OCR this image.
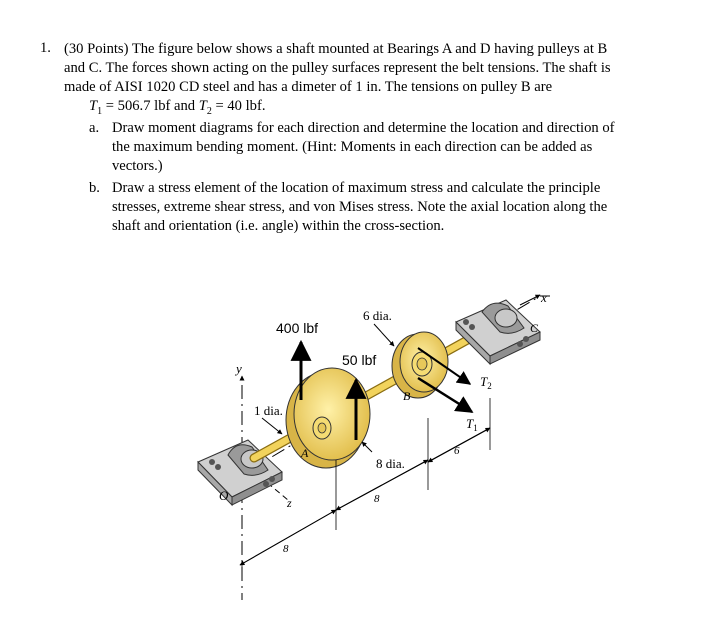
1. (30 Points) The figure below shows a shaft mounted at Bearings A and D having pulleys at B
and C. The forces shown acting on the pulley surfaces represent the belt tensions. The shaft is
made of AISI 1020 CD steel and has a dimeter of 1 in. The tensions on pulley B are
$T_1 = 506.7$ lbf and $T_2 = 40$ lbf.
a. Draw moment diagrams for each direction and determine the location and direction of
the maximum bending moment. (Hint: Moments in each direction can be added as
vectors.)
b. Draw a stress element of the location of maximum stress and calculate the principle
stresses, extreme shear stress, and von Mises stress. Note the axial location along the
shaft and orientation (i.e. angle) within the cross-section.
400 lbf
50 lbf
6 dia.
8 dia.
1 dia.
x
y
z
O
A
B
C
$T_2$
$T_1$
8
8
6
